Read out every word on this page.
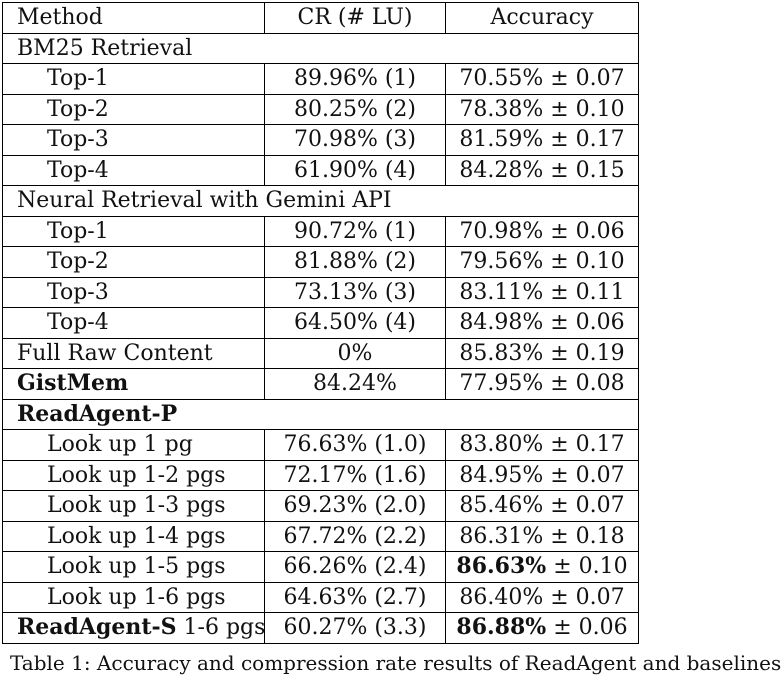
Method	CR (# LU)	Accuracy
BM25 Retrieval		
Top-1	89.96% (1)	70.55% ± 0.07
Top-2	80.25% (2)	78.38% ± 0.10
Top-3	70.98% (3)	81.59% ± 0.17
Top-4	61.90% (4)	84.28% ± 0.15
Neural Retrieval with Gemini API		
Top-1	90.72% (1)	70.98% ± 0.06
Top-2	81.88% (2)	79.56% ± 0.10
Top-3	73.13% (3)	83.11% ± 0.11
Top-4	64.50% (4)	84.98% ± 0.06
Full Raw Content	0%	85.83% ± 0.19
GistMem	84.24%	77.95% ± 0.08
ReadAgent-P		
Look up 1 pg	76.63% (1.0)	83.80% ± 0.17
Look up 1-2 pgs	72.17% (1.6)	84.95% ± 0.07
Look up 1-3 pgs	69.23% (2.0)	85.46% ± 0.07
Look up 1-4 pgs	67.72% (2.2)	86.31% ± 0.18
Look up 1-5 pgs	66.26% (2.4)	86.63% ± 0.10
Look up 1-6 pgs	64.63% (2.7)	86.40% ± 0.07
ReadAgent-S 1-6 pgs	60.27% (3.3)	86.88% ± 0.06
Table 1: Accuracy and compression rate results of ReadAgent and baselines
